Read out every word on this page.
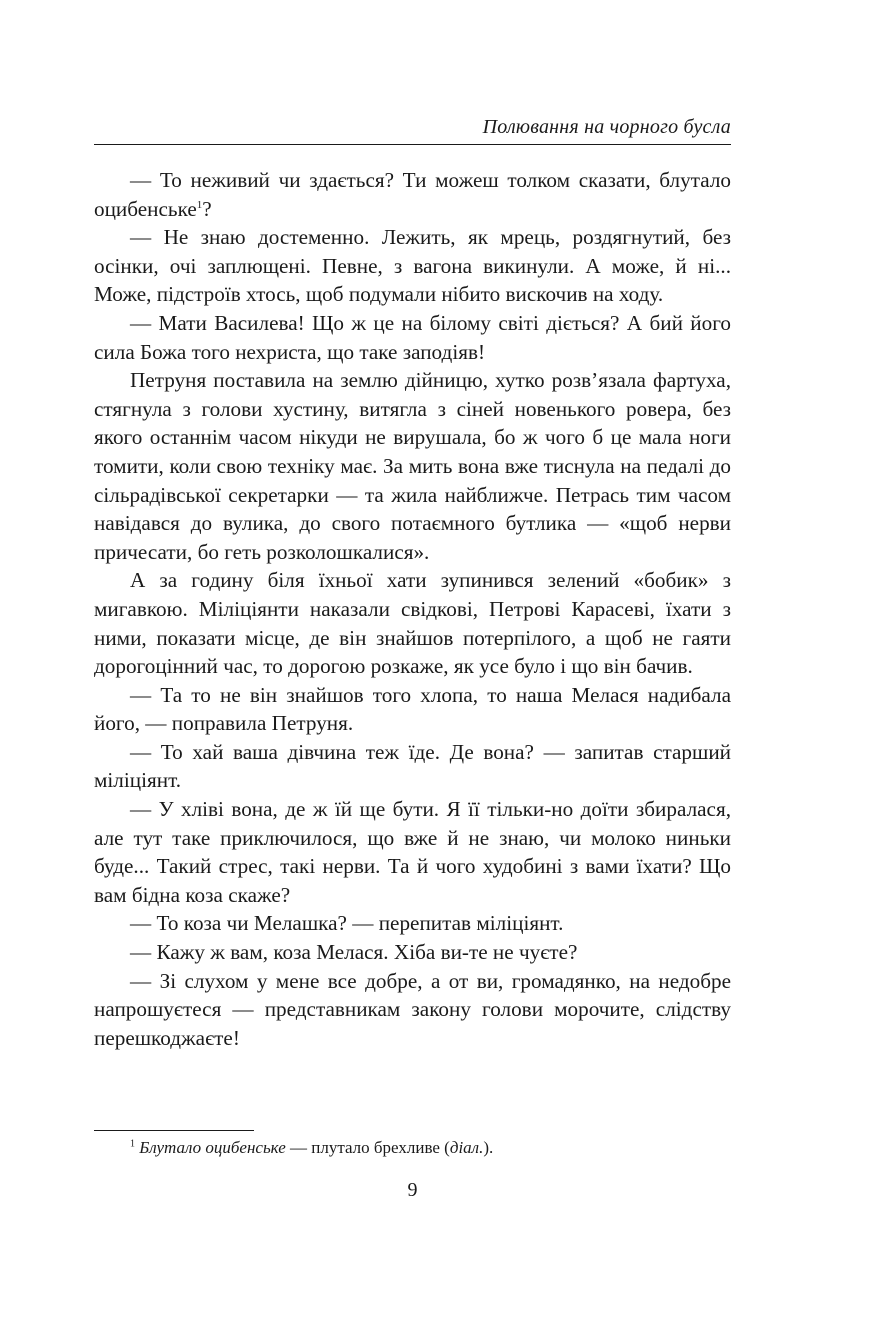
Полювання на чорного бусла

— То неживий чи здається? Ти можеш толком сказати, блутало оцибенське$^1$?

— Не знаю достеменно. Лежить, як мрець, роздягнутий, без осінки, очі заплющені. Певне, з вагона викинули. А може, й ні... Може, підстроїв хтось, щоб подумали нібито вискочив на ходу.

— Мати Василева! Що ж це на білому світі діється? А бий його сила Божа того нехриста, що таке заподіяв!

Петруня поставила на землю дійницю, хутко розв’язала фартуха, стягнула з голови хустину, витягла з сіней новенького ровера, без якого останнім часом нікуди не вирушала, бо ж чого б це мала ноги томити, коли свою техніку має. За мить вона вже тиснула на педалі до сільрадівської секретарки — та жила найближче. Петрась тим часом навідався до вулика, до свого потаємного бутлика — «щоб нерви причесати, бо геть розколошкалися».

А за годину біля їхньої хати зупинився зелений «бобик» з мигавкою. Міліціянти наказали свідкові, Петрові Карасеві, їхати з ними, показати місце, де він знайшов потерпілого, а щоб не гаяти дорогоцінний час, то дорогою розкаже, як усе було і що він бачив.

— Та то не він знайшов того хлопа, то наша Мелася надибала його, — поправила Петруня.

— То хай ваша дівчина теж їде. Де вона? — запитав старший міліціянт.

— У хліві вона, де ж їй ще бути. Я її тільки-но доїти збиралася, але тут таке приключилося, що вже й не знаю, чи молоко ниньки буде... Такий стрес, такі нерви. Та й чого худобині з вами їхати? Що вам бідна коза скаже?

— То коза чи Мелашка? — перепитав міліціянт.

— Кажу ж вам, коза Мелася. Хіба ви-те не чуєте?

— Зі слухом у мене все добре, а от ви, громадянко, на недобре напрошуєтеся — представникам закону голови морочите, слідству перешкоджаєте!

$^1$ Блутало оцибенське — плутало брехливе (діал.).
9
